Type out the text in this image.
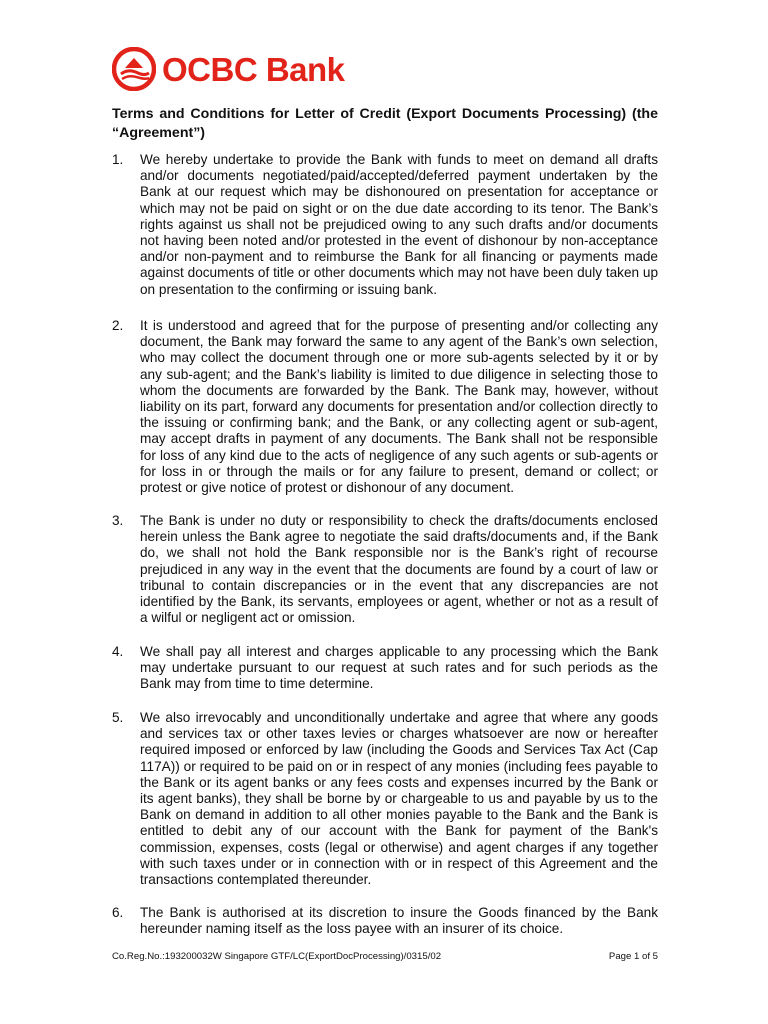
OCBC Bank
Terms and Conditions for Letter of Credit (Export Documents Processing) (the “Agreement”)
1.	We hereby undertake to provide the Bank with funds to meet on demand all drafts and/or documents negotiated/paid/accepted/deferred payment undertaken by the Bank at our request which may be dishonoured on presentation for acceptance or which may not be paid on sight or on the due date according to its tenor. The Bank’s rights against us shall not be prejudiced owing to any such drafts and/or documents not having been noted and/or protested in the event of dishonour by non-acceptance and/or non-payment and to reimburse the Bank for all financing or payments made against documents of title or other documents which may not have been duly taken up on presentation to the confirming or issuing bank.
2.	It is understood and agreed that for the purpose of presenting and/or collecting any document, the Bank may forward the same to any agent of the Bank’s own selection, who may collect the document through one or more sub-agents selected by it or by any sub-agent; and the Bank’s liability is limited to due diligence in selecting those to whom the documents are forwarded by the Bank. The Bank may, however, without liability on its part, forward any documents for presentation and/or collection directly to the issuing or confirming bank; and the Bank, or any collecting agent or sub-agent, may accept drafts in payment of any documents. The Bank shall not be responsible for loss of any kind due to the acts of negligence of any such agents or sub-agents or for loss in or through the mails or for any failure to present, demand or collect; or protest or give notice of protest or dishonour of any document.
3.	The Bank is under no duty or responsibility to check the drafts/documents enclosed herein unless the Bank agree to negotiate the said drafts/documents and, if the Bank do, we shall not hold the Bank responsible nor is the Bank’s right of recourse prejudiced in any way in the event that the documents are found by a court of law or tribunal to contain discrepancies or in the event that any discrepancies are not identified by the Bank, its servants, employees or agent, whether or not as a result of a wilful or negligent act or omission.
4.	We shall pay all interest and charges applicable to any processing which the Bank may undertake pursuant to our request at such rates and for such periods as the Bank may from time to time determine.
5.	We also irrevocably and unconditionally undertake and agree that where any goods and services tax or other taxes levies or charges whatsoever are now or hereafter required imposed or enforced by law (including the Goods and Services Tax Act (Cap 117A)) or required to be paid on or in respect of any monies (including fees payable to the Bank or its agent banks or any fees costs and expenses incurred by the Bank or its agent banks), they shall be borne by or chargeable to us and payable by us to the Bank on demand in addition to all other monies payable to the Bank and the Bank is entitled to debit any of our account with the Bank for payment of the Bank's commission, expenses, costs (legal or otherwise) and agent charges if any together with such taxes under or in connection with or in respect of this Agreement and the transactions contemplated thereunder.
6.	The Bank is authorised at its discretion to insure the Goods financed by the Bank hereunder naming itself as the loss payee with an insurer of its choice.
Co.Reg.No.:193200032W Singapore GTF/LC(ExportDocProcessing)/0315/02	Page 1 of 5
